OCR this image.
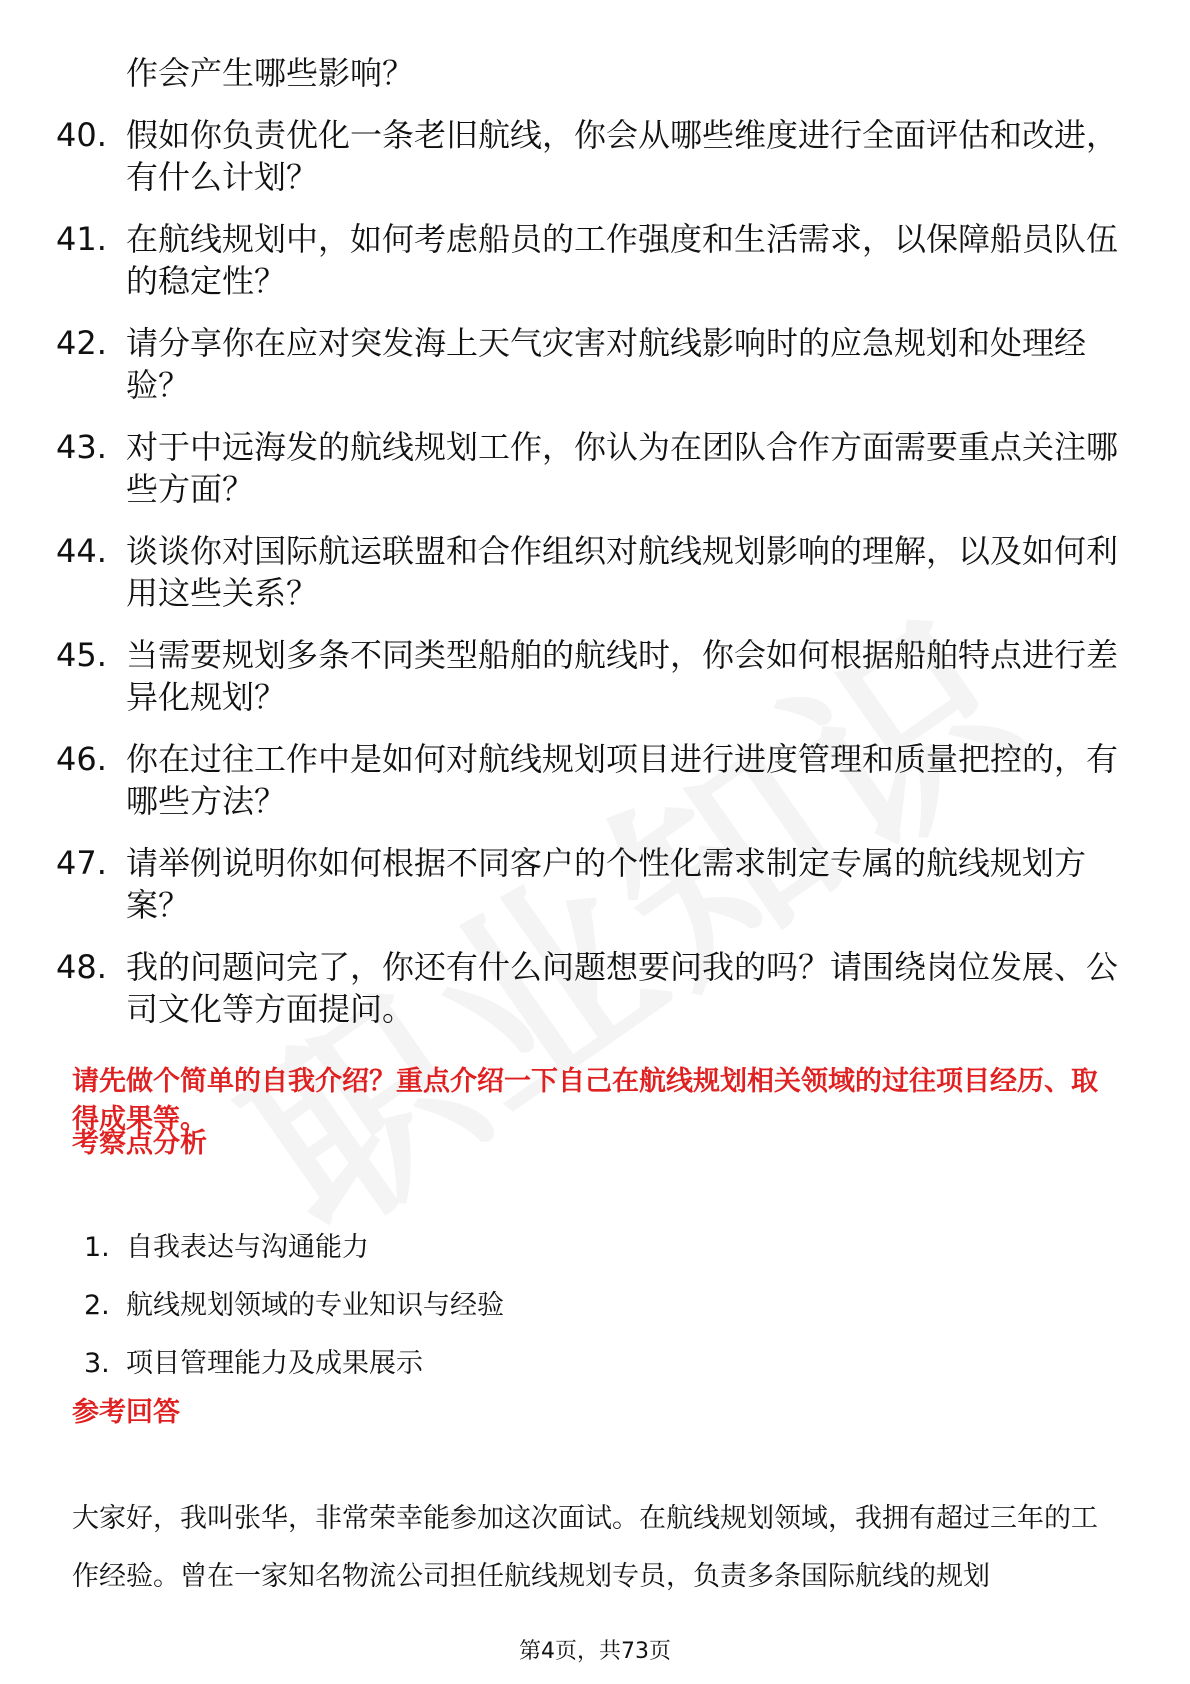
作会产生哪些影响？
40. 假如你负责优化一条老旧航线，你会从哪些维度进行全面评估和改进，有什么计划？
41. 在航线规划中，如何考虑船员的工作强度和生活需求，以保障船员队伍的稳定性？
42. 请分享你在应对突发海上天气灾害对航线影响时的应急规划和处理经验？
43. 对于中远海发的航线规划工作，你认为在团队合作方面需要重点关注哪些方面？
44. 谈谈你对国际航运联盟和合作组织对航线规划影响的理解，以及如何利用这些关系？
45. 当需要规划多条不同类型船舶的航线时，你会如何根据船舶特点进行差异化规划？
46. 你在过往工作中是如何对航线规划项目进行进度管理和质量把控的，有哪些方法？
47. 请举例说明你如何根据不同客户的个性化需求制定专属的航线规划方案？
48. 我的问题问完了，你还有什么问题想要问我的吗？请围绕岗位发展、公司文化等方面提问。
请先做个简单的自我介绍？重点介绍一下自己在航线规划相关领域的过往项目经历、取得成果等。
考察点分析
1. 自我表达与沟通能力
2. 航线规划领域的专业知识与经验
3. 项目管理能力及成果展示
参考回答
大家好，我叫张华，非常荣幸能参加这次面试。在航线规划领域，我拥有超过三年的工作经验。曾在一家知名物流公司担任航线规划专员，负责多条国际航线的规划
第4页，共73页
